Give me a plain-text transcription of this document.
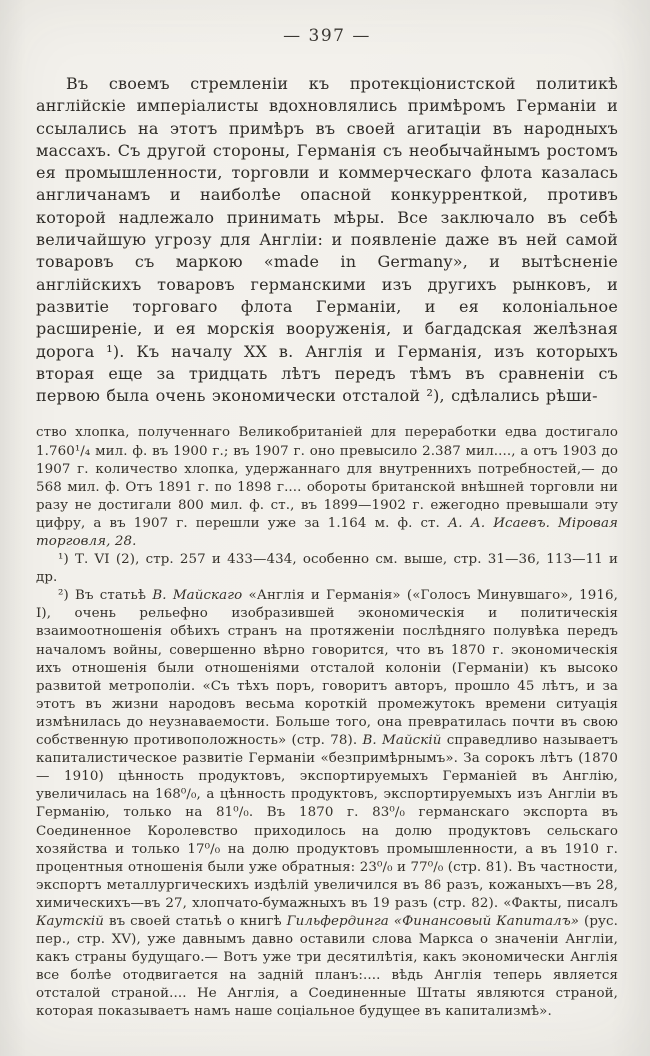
— 397 —

Въ своемъ стремленіи къ протекціонистской политикѣ англійскіе имперіалисты вдохновлялись примѣромъ Германіи и ссылались на этотъ примѣръ въ своей агитаціи въ народныхъ массахъ. Съ другой стороны, Германія съ необычайнымъ ростомъ ея промышленности, торговли и коммерческаго флота казалась англичанамъ и наиболѣе опасной конкурренткой, противъ которой надлежало принимать мѣры. Все заключало въ себѣ величайшую угрозу для Англіи: и появленіе даже въ ней самой товаровъ съ маркою «made in Germany», и вытѣсненіе англійскихъ товаровъ германскими изъ другихъ рынковъ, и развитіе торговаго флота Германіи, и ея колоніальное расширеніе, и ея морскія вооруженія, и багдадская желѣзная дорога ¹). Къ началу XX в. Англія и Германія, изъ которыхъ вторая еще за тридцать лѣтъ передъ тѣмъ въ сравненіи съ первою была очень экономически отсталой ²), сдѣлались рѣши-

ство хлопка, полученнаго Великобританіей для переработки едва достигало 1.760¹/₄ мил. ф. въ 1900 г.; въ 1907 г. оно превысило 2.387 мил...., а отъ 1903 до 1907 г. количество хлопка, удержаннаго для внутреннихъ потребностей,— до 568 мил. ф. Отъ 1891 г. по 1898 г.... обороты британской внѣшней торговли ни разу не достигали 800 мил. ф. ст., въ 1899—1902 г. ежегодно превышали эту цифру, а въ 1907 г. перешли уже за 1.164 м. ф. ст. А. А. Исаевъ. Міровая торговля, 28.

¹) Т. VI (2), стр. 257 и 433—434, особенно см. выше, стр. 31—36, 113—11 и др.

²) Въ статьѣ В. Майскаго «Англія и Германія» («Голосъ Минувшаго», 1916, I), очень рельефно изобразившей экономическія и политическія взаимоотношенія обѣихъ странъ на протяженіи послѣдняго полувѣка передъ началомъ войны, совершенно вѣрно говорится, что въ 1870 г. экономическія ихъ отношенія были отношеніями отсталой колоніи (Германіи) къ высоко развитой метрополіи. «Съ тѣхъ поръ, говоритъ авторъ, прошло 45 лѣтъ, и за этотъ въ жизни народовъ весьма короткій промежутокъ времени ситуація измѣнилась до неузнаваемости. Больше того, она превратилась почти въ свою собственную противоположность» (стр. 78). В. Майскій справедливо называетъ капиталистическое развитіе Германіи «безпримѣрнымъ». За сорокъ лѣтъ (1870 — 1910) цѣнность продуктовъ, экспортируемыхъ Германіей въ Англію, увеличилась на 168⁰/₀, а цѣнность продуктовъ, экспортируемыхъ изъ Англіи въ Германію, только на 81⁰/₀. Въ 1870 г. 83⁰/₀ германскаго экспорта въ Соединенное Королевство приходилось на долю продуктовъ сельскаго хозяйства и только 17⁰/₀ на долю продуктовъ промышленности, а въ 1910 г. процентныя отношенія были уже обратныя: 23⁰/₀ и 77⁰/₀ (стр. 81). Въ частности, экспортъ металлургическихъ издѣлій увеличился въ 86 разъ, кожаныхъ—въ 28, химическихъ—въ 27, хлопчато-бумажныхъ въ 19 разъ (стр. 82). «Факты, писалъ Каутскій въ своей статьѣ о книгѣ Гильфердинга «Финансовый Капиталъ» (рус. пер., стр. XV), уже давнымъ давно оставили слова Маркса о значеніи Англіи, какъ страны будущаго.— Вотъ уже три десятилѣтія, какъ экономически Англія все болѣе отодвигается на задній планъ:.... вѣдь Англія теперь является отсталой страной.... Не Англія, а Соединенные Штаты являются страной, которая показываетъ намъ наше соціальное будущее въ капитализмѣ».
